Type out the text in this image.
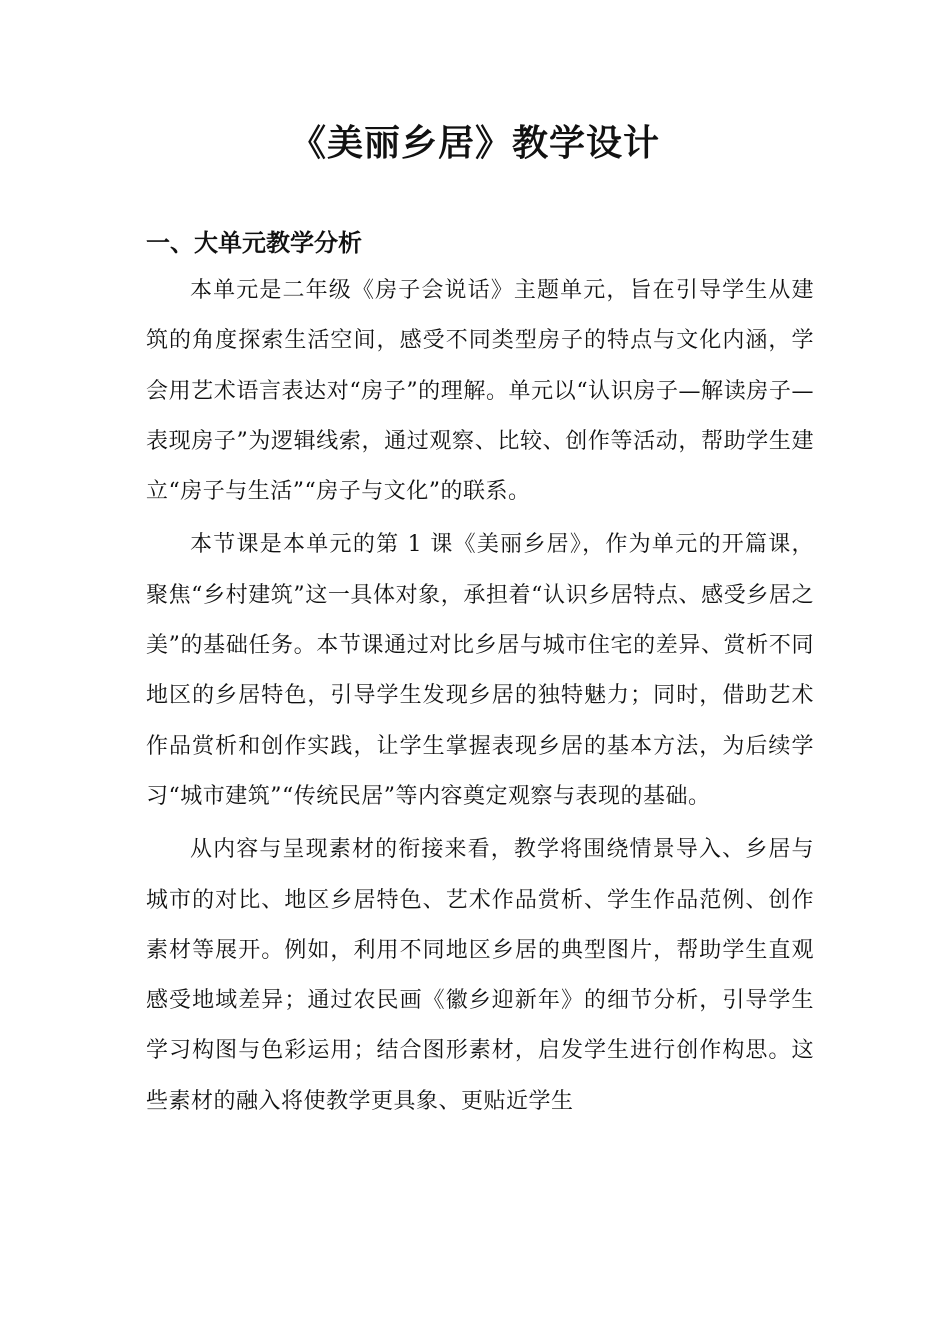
《美丽乡居》教学设计
一、大单元教学分析

本单元是二年级《房子会说话》主题单元，旨在引导学生从建筑的角度探索生活空间，感受不同类型房子的特点与文化内涵，学会用艺术语言表达对“房子”的理解。单元以“认识房子—解读房子—表现房子”为逻辑线索，通过观察、比较、创作等活动，帮助学生建立“房子与生活”“房子与文化”的联系。

本节课是本单元的第 1 课《美丽乡居》，作为单元的开篇课，聚焦“乡村建筑”这一具体对象，承担着“认识乡居特点、感受乡居之美”的基础任务。本节课通过对比乡居与城市住宅的差异、赏析不同地区的乡居特色，引导学生发现乡居的独特魅力；同时，借助艺术作品赏析和创作实践，让学生掌握表现乡居的基本方法，为后续学习“城市建筑”“传统民居”等内容奠定观察与表现的基础。

从内容与呈现素材的衔接来看，教学将围绕情景导入、乡居与城市的对比、地区乡居特色、艺术作品赏析、学生作品范例、创作素材等展开。例如，利用不同地区乡居的典型图片，帮助学生直观感受地域差异；通过农民画《徽乡迎新年》的细节分析，引导学生学习构图与色彩运用；结合图形素材，启发学生进行创作构思。这些素材的融入将使教学更具象、更贴近学生
